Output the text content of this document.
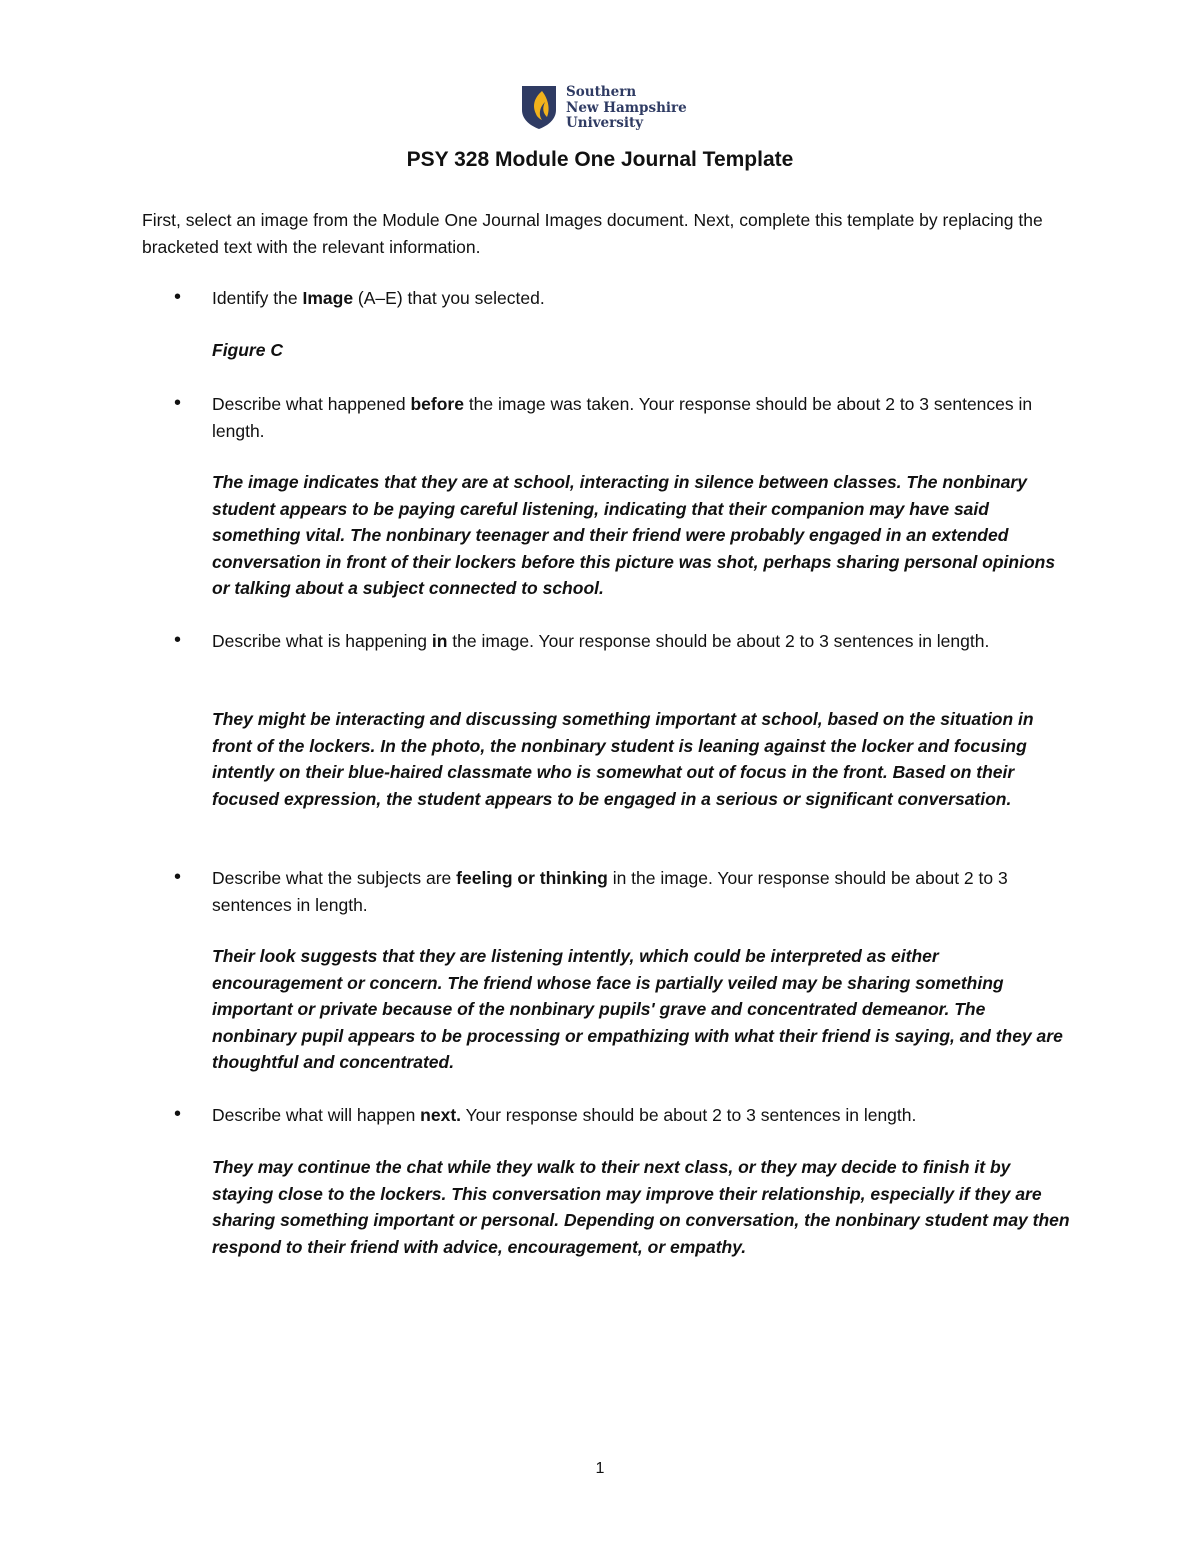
Southern
New Hampshire
University
PSY 328 Module One Journal Template
First, select an image from the Module One Journal Images document. Next, complete this template by replacing the bracketed text with the relevant information.
• Identify the Image (A–E) that you selected.
Figure C
• Describe what happened before the image was taken. Your response should be about 2 to 3 sentences in length.
The image indicates that they are at school, interacting in silence between classes. The nonbinary student appears to be paying careful listening, indicating that their companion may have said something vital. The nonbinary teenager and their friend were probably engaged in an extended conversation in front of their lockers before this picture was shot, perhaps sharing personal opinions or talking about a subject connected to school.
• Describe what is happening in the image. Your response should be about 2 to 3 sentences in length.
They might be interacting and discussing something important at school, based on the situation in front of the lockers. In the photo, the nonbinary student is leaning against the locker and focusing intently on their blue-haired classmate who is somewhat out of focus in the front. Based on their focused expression, the student appears to be engaged in a serious or significant conversation.
• Describe what the subjects are feeling or thinking in the image. Your response should be about 2 to 3 sentences in length.
Their look suggests that they are listening intently, which could be interpreted as either encouragement or concern. The friend whose face is partially veiled may be sharing something important or private because of the nonbinary pupils' grave and concentrated demeanor. The nonbinary pupil appears to be processing or empathizing with what their friend is saying, and they are thoughtful and concentrated.
• Describe what will happen next. Your response should be about 2 to 3 sentences in length.
They may continue the chat while they walk to their next class, or they may decide to finish it by staying close to the lockers. This conversation may improve their relationship, especially if they are sharing something important or personal. Depending on conversation, the nonbinary student may then respond to their friend with advice, encouragement, or empathy.
1
